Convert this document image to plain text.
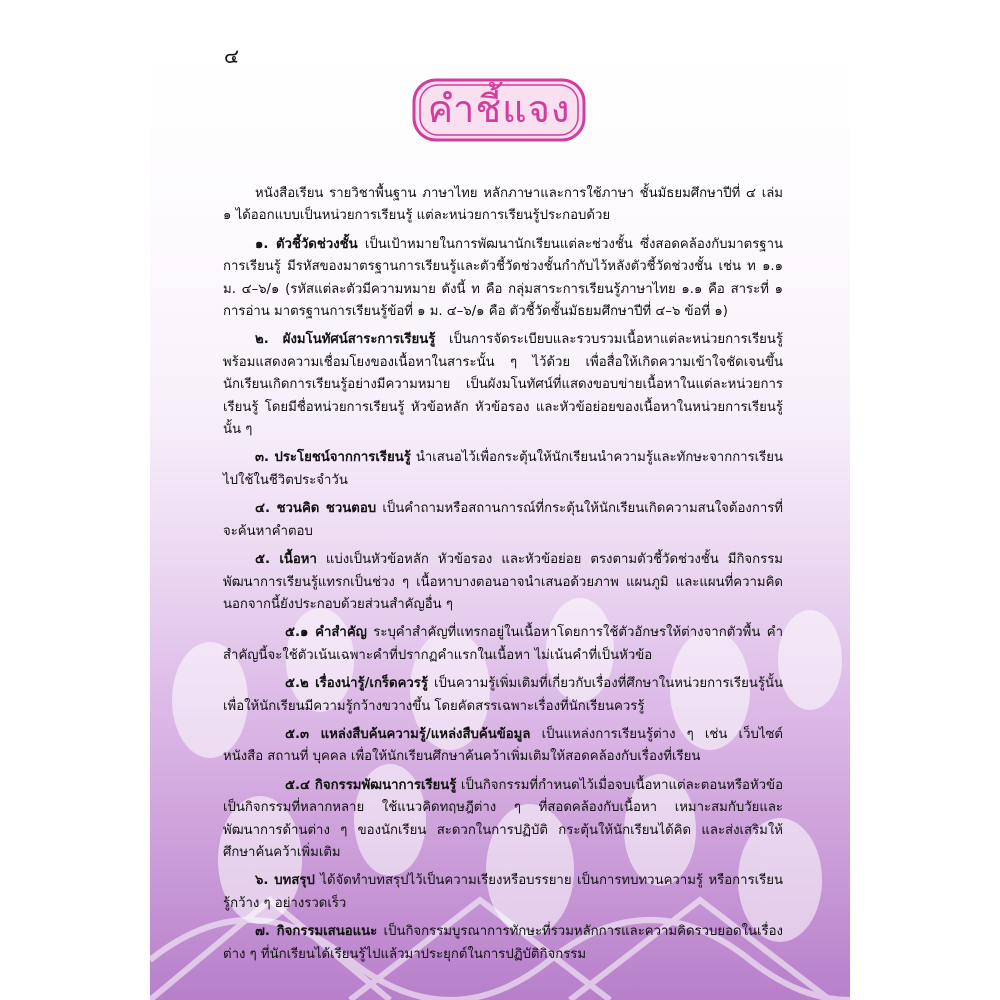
๔
คำชี้แจง

หนังสือเรียน รายวิชาพื้นฐาน ภาษาไทย หลักภาษาและการใช้ภาษา ชั้นมัธยมศึกษาปีที่ ๔ เล่ม ๑ ได้ออกแบบเป็นหน่วยการเรียนรู้ แต่ละหน่วยการเรียนรู้ประกอบด้วย

๑. ตัวชี้วัดช่วงชั้น เป็นเป้าหมายในการพัฒนานักเรียนแต่ละช่วงชั้น ซึ่งสอดคล้องกับมาตรฐานการเรียนรู้ มีรหัสของมาตรฐานการเรียนรู้และตัวชี้วัดช่วงชั้นกำกับไว้หลังตัวชี้วัดช่วงชั้น เช่น ท ๑.๑ ม. ๔–๖/๑ (รหัสแต่ละตัวมีความหมาย ดังนี้ ท คือ กลุ่มสาระการเรียนรู้ภาษาไทย ๑.๑ คือ สาระที่ ๑ การอ่าน มาตรฐานการเรียนรู้ข้อที่ ๑ ม. ๔–๖/๑ คือ ตัวชี้วัดชั้นมัธยมศึกษาปีที่ ๔–๖ ข้อที่ ๑)

๒. ผังมโนทัศน์สาระการเรียนรู้ เป็นการจัดระเบียบและรวบรวมเนื้อหาแต่ละหน่วยการเรียนรู้ พร้อมแสดงความเชื่อมโยงของเนื้อหาในสาระนั้น ๆ ไว้ด้วย เพื่อสื่อให้เกิดความเข้าใจชัดเจนขึ้น นักเรียนเกิดการเรียนรู้อย่างมีความหมาย เป็นผังมโนทัศน์ที่แสดงขอบข่ายเนื้อหาในแต่ละหน่วยการเรียนรู้ โดยมีชื่อหน่วยการเรียนรู้ หัวข้อหลัก หัวข้อรอง และหัวข้อย่อยของเนื้อหาในหน่วยการเรียนรู้นั้น ๆ

๓. ประโยชน์จากการเรียนรู้ นำเสนอไว้เพื่อกระตุ้นให้นักเรียนนำความรู้และทักษะจากการเรียนไปใช้ในชีวิตประจำวัน

๔. ชวนคิด ชวนตอบ เป็นคำถามหรือสถานการณ์ที่กระตุ้นให้นักเรียนเกิดความสนใจต้องการที่จะค้นหาคำตอบ

๕. เนื้อหา แบ่งเป็นหัวข้อหลัก หัวข้อรอง และหัวข้อย่อย ตรงตามตัวชี้วัดช่วงชั้น มีกิจกรรมพัฒนาการเรียนรู้แทรกเป็นช่วง ๆ เนื้อหาบางตอนอาจนำเสนอด้วยภาพ แผนภูมิ และแผนที่ความคิด นอกจากนี้ยังประกอบด้วยส่วนสำคัญอื่น ๆ

๕.๑ คำสำคัญ ระบุคำสำคัญที่แทรกอยู่ในเนื้อหาโดยการใช้ตัวอักษรให้ต่างจากตัวพื้น คำสำคัญนี้จะใช้ตัวเน้นเฉพาะคำที่ปรากฏคำแรกในเนื้อหา ไม่เน้นคำที่เป็นหัวข้อ

๕.๒ เรื่องน่ารู้/เกร็ดควรรู้ เป็นความรู้เพิ่มเติมที่เกี่ยวกับเรื่องที่ศึกษาในหน่วยการเรียนรู้นั้น เพื่อให้นักเรียนมีความรู้กว้างขวางขึ้น โดยคัดสรรเฉพาะเรื่องที่นักเรียนควรรู้

๕.๓ แหล่งสืบค้นความรู้/แหล่งสืบค้นข้อมูล เป็นแหล่งการเรียนรู้ต่าง ๆ เช่น เว็บไซต์ หนังสือ สถานที่ บุคคล เพื่อให้นักเรียนศึกษาค้นคว้าเพิ่มเติมให้สอดคล้องกับเรื่องที่เรียน

๕.๔ กิจกรรมพัฒนาการเรียนรู้ เป็นกิจกรรมที่กำหนดไว้เมื่อจบเนื้อหาแต่ละตอนหรือหัวข้อ เป็นกิจกรรมที่หลากหลาย ใช้แนวคิดทฤษฎีต่าง ๆ ที่สอดคล้องกับเนื้อหา เหมาะสมกับวัยและพัฒนาการด้านต่าง ๆ ของนักเรียน สะดวกในการปฏิบัติ กระตุ้นให้นักเรียนได้คิด และส่งเสริมให้ศึกษาค้นคว้าเพิ่มเติม

๖. บทสรุป ได้จัดทำบทสรุปไว้เป็นความเรียงหรือบรรยาย เป็นการทบทวนความรู้ หรือการเรียนรู้กว้าง ๆ อย่างรวดเร็ว

๗. กิจกรรมเสนอแนะ เป็นกิจกรรมบูรณาการทักษะที่รวมหลักการและความคิดรวบยอดในเรื่องต่าง ๆ ที่นักเรียนได้เรียนรู้ไปแล้วมาประยุกต์ในการปฏิบัติกิจกรรม
